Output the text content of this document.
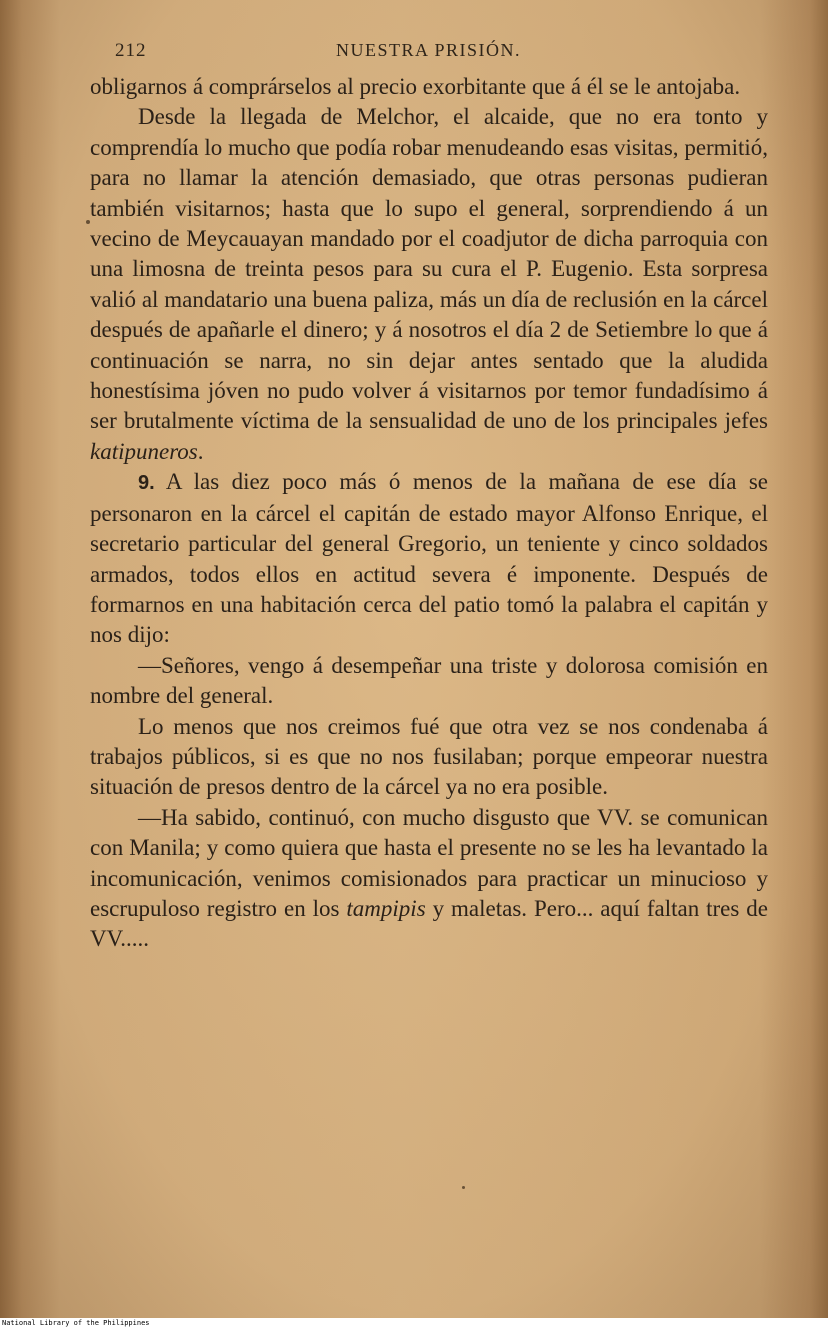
212	NUESTRA PRISIÓN.

obligarnos á comprárselos al precio exorbitante que á él se le antojaba.

Desde la llegada de Melchor, el alcaide, que no era tonto y comprendía lo mucho que podía robar menudeando esas visitas, permitió, para no llamar la atención demasiado, que otras personas pudieran también visitarnos; hasta que lo supo el general, sorprendiendo á un vecino de Meycauayan mandado por el coadjutor de dicha parroquia con una limosna de treinta pesos para su cura el P. Eugenio. Esta sorpresa valió al mandatario una buena paliza, más un día de reclusión en la cárcel después de apañarle el dinero; y á nosotros el día 2 de Setiembre lo que á continuación se narra, no sin dejar antes sentado que la aludida honestísima jóven no pudo volver á visitarnos por temor fundadísimo á ser brutalmente víctima de la sensualidad de uno de los principales jefes katipuneros.

9. A las diez poco más ó menos de la mañana de ese día se personaron en la cárcel el capitán de estado mayor Alfonso Enrique, el secretario particular del general Gregorio, un teniente y cinco soldados armados, todos ellos en actitud severa é imponente. Después de formarnos en una habitación cerca del patio tomó la palabra el capitán y nos dijo:

—Señores, vengo á desempeñar una triste y dolorosa comisión en nombre del general.

Lo menos que nos creimos fué que otra vez se nos condenaba á trabajos públicos, si es que no nos fusilaban; porque empeorar nuestra situación de presos dentro de la cárcel ya no era posible.

—Ha sabido, continuó, con mucho disgusto que VV. se comunican con Manila; y como quiera que hasta el presente no se les ha levantado la incomunicación, venimos comisionados para practicar un minucioso y escrupuloso registro en los tampipis y maletas. Pero... aquí faltan tres de VV.....

National Library of the Philippines
